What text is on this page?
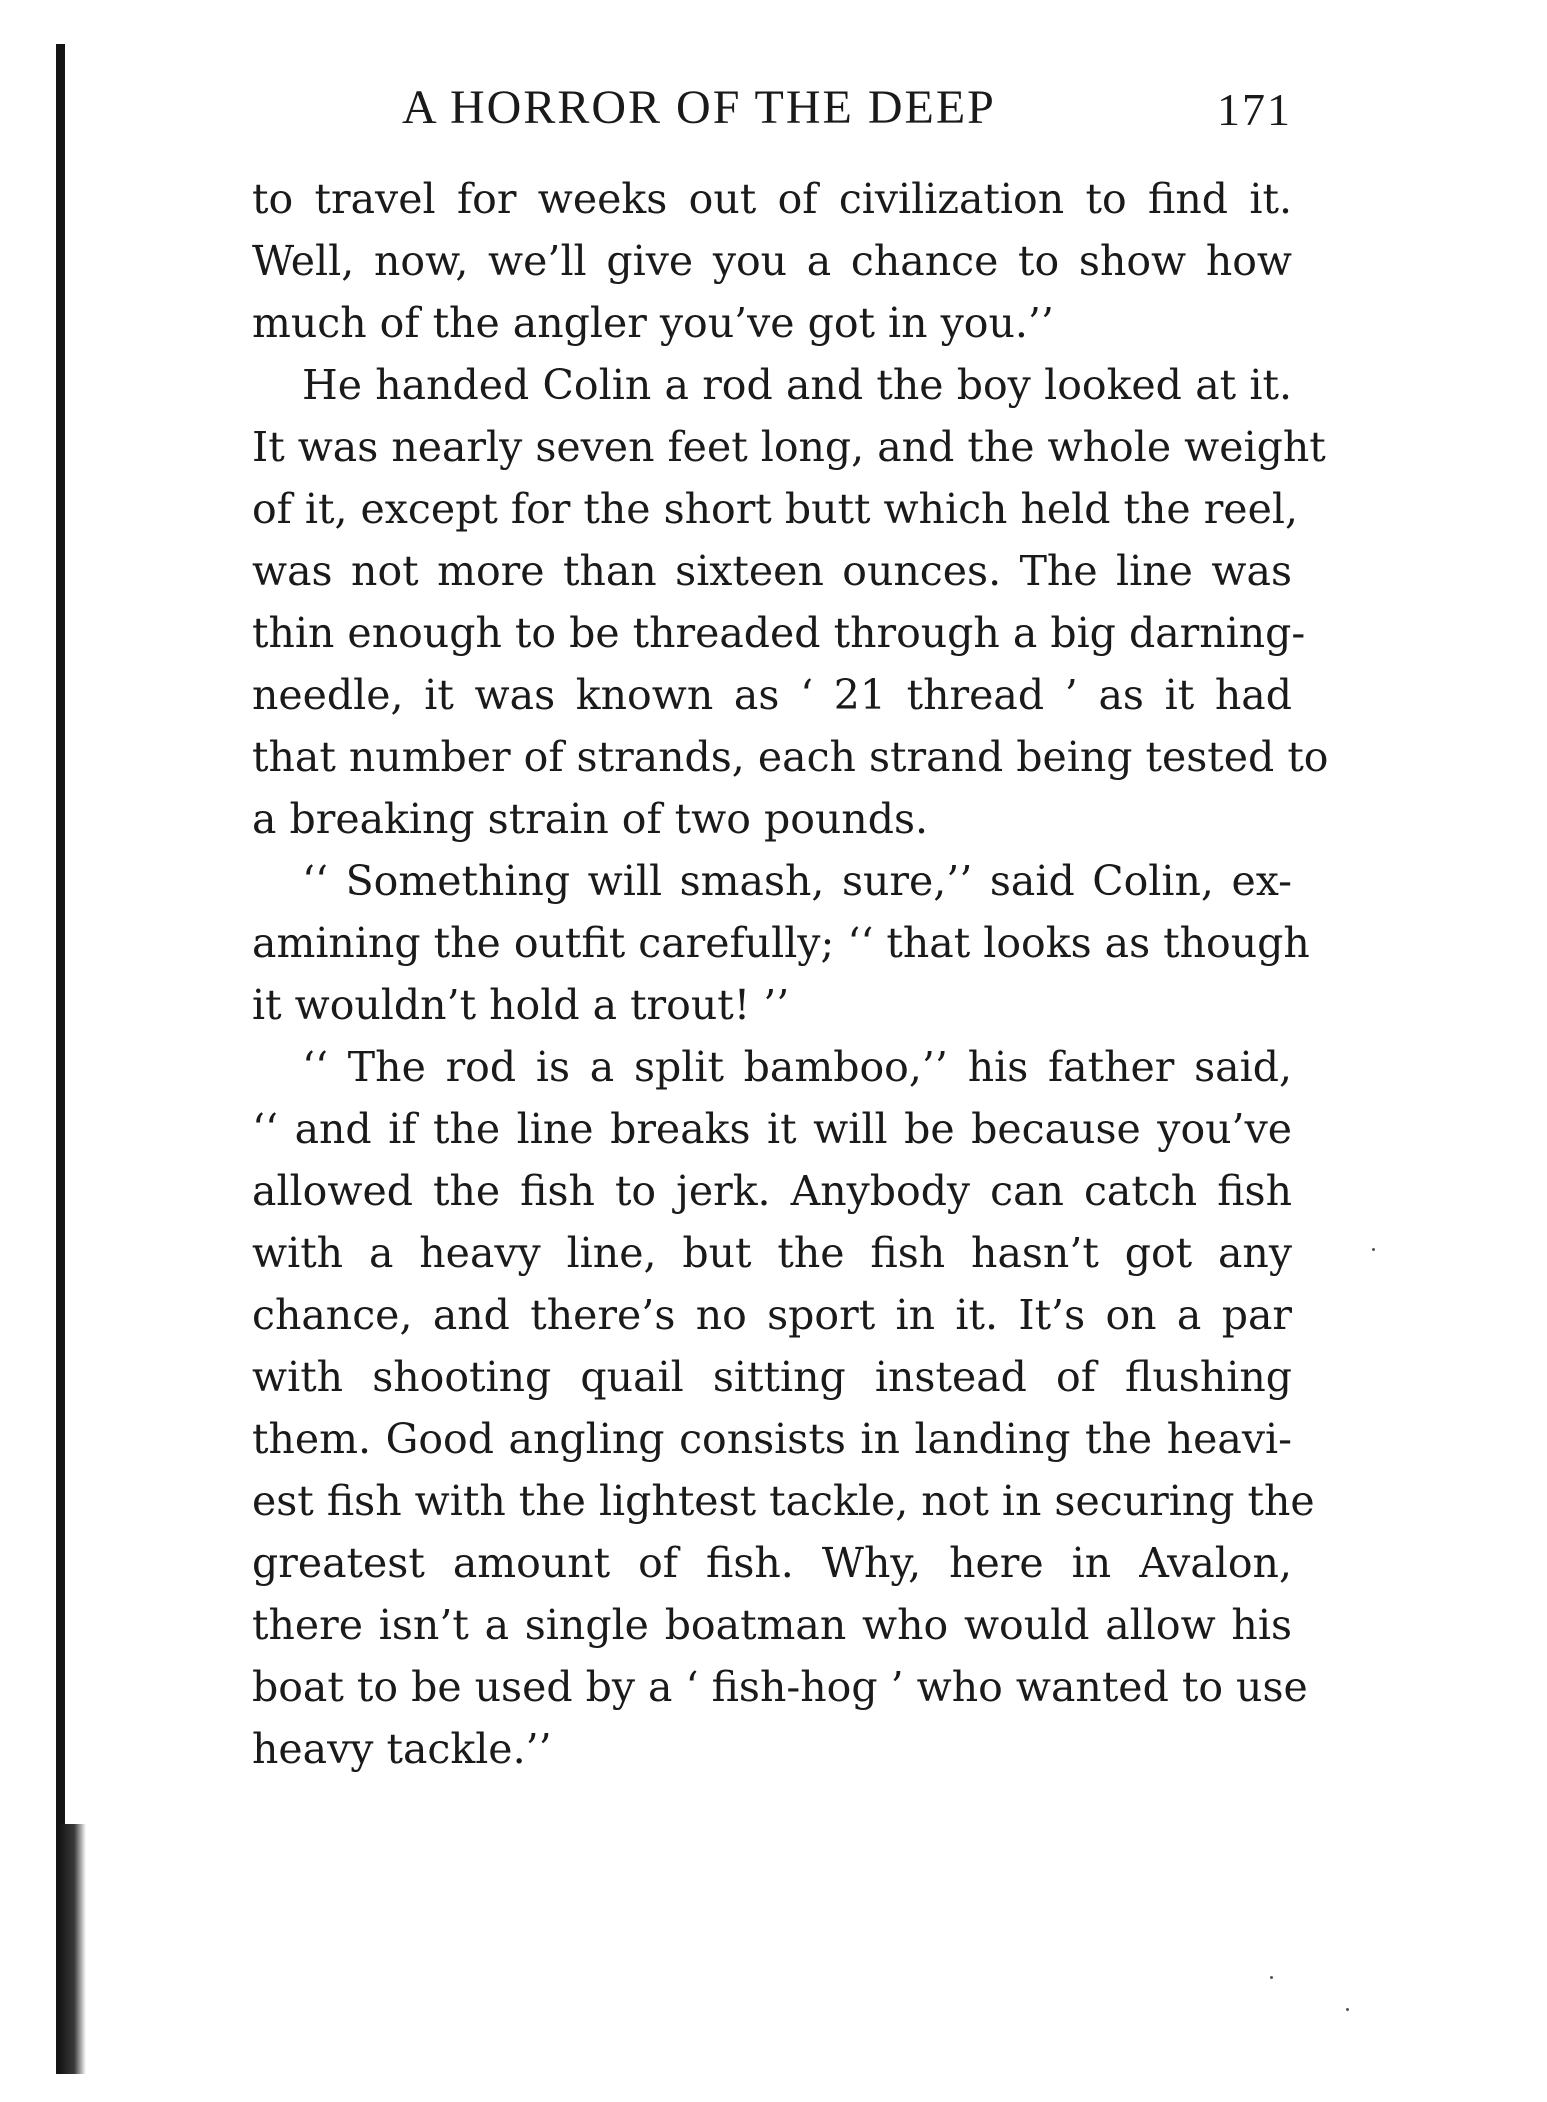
A HORROR OF THE DEEP	171
to travel for weeks out of civilization to find it.
Well, now, we’ll give you a chance to show how
much of the angler you’ve got in you.’’
He handed Colin a rod and the boy looked at it.
It was nearly seven feet long, and the whole weight
of it, except for the short butt which held the reel,
was not more than sixteen ounces. The line was
thin enough to be threaded through a big darning-
needle, it was known as ‘ 21 thread ’ as it had
that number of strands, each strand being tested to
a breaking strain of two pounds.
‘‘ Something will smash, sure,’’ said Colin, ex-
amining the outfit carefully; ‘‘ that looks as though
it wouldn’t hold a trout! ’’
‘‘ The rod is a split bamboo,’’ his father said,
‘‘ and if the line breaks it will be because you’ve
allowed the fish to jerk. Anybody can catch fish
with a heavy line, but the fish hasn’t got any
chance, and there’s no sport in it. It’s on a par
with shooting quail sitting instead of flushing
them. Good angling consists in landing the heavi-
est fish with the lightest tackle, not in securing the
greatest amount of fish. Why, here in Avalon,
there isn’t a single boatman who would allow his
boat to be used by a ‘ fish-hog ’ who wanted to use
heavy tackle.’’
